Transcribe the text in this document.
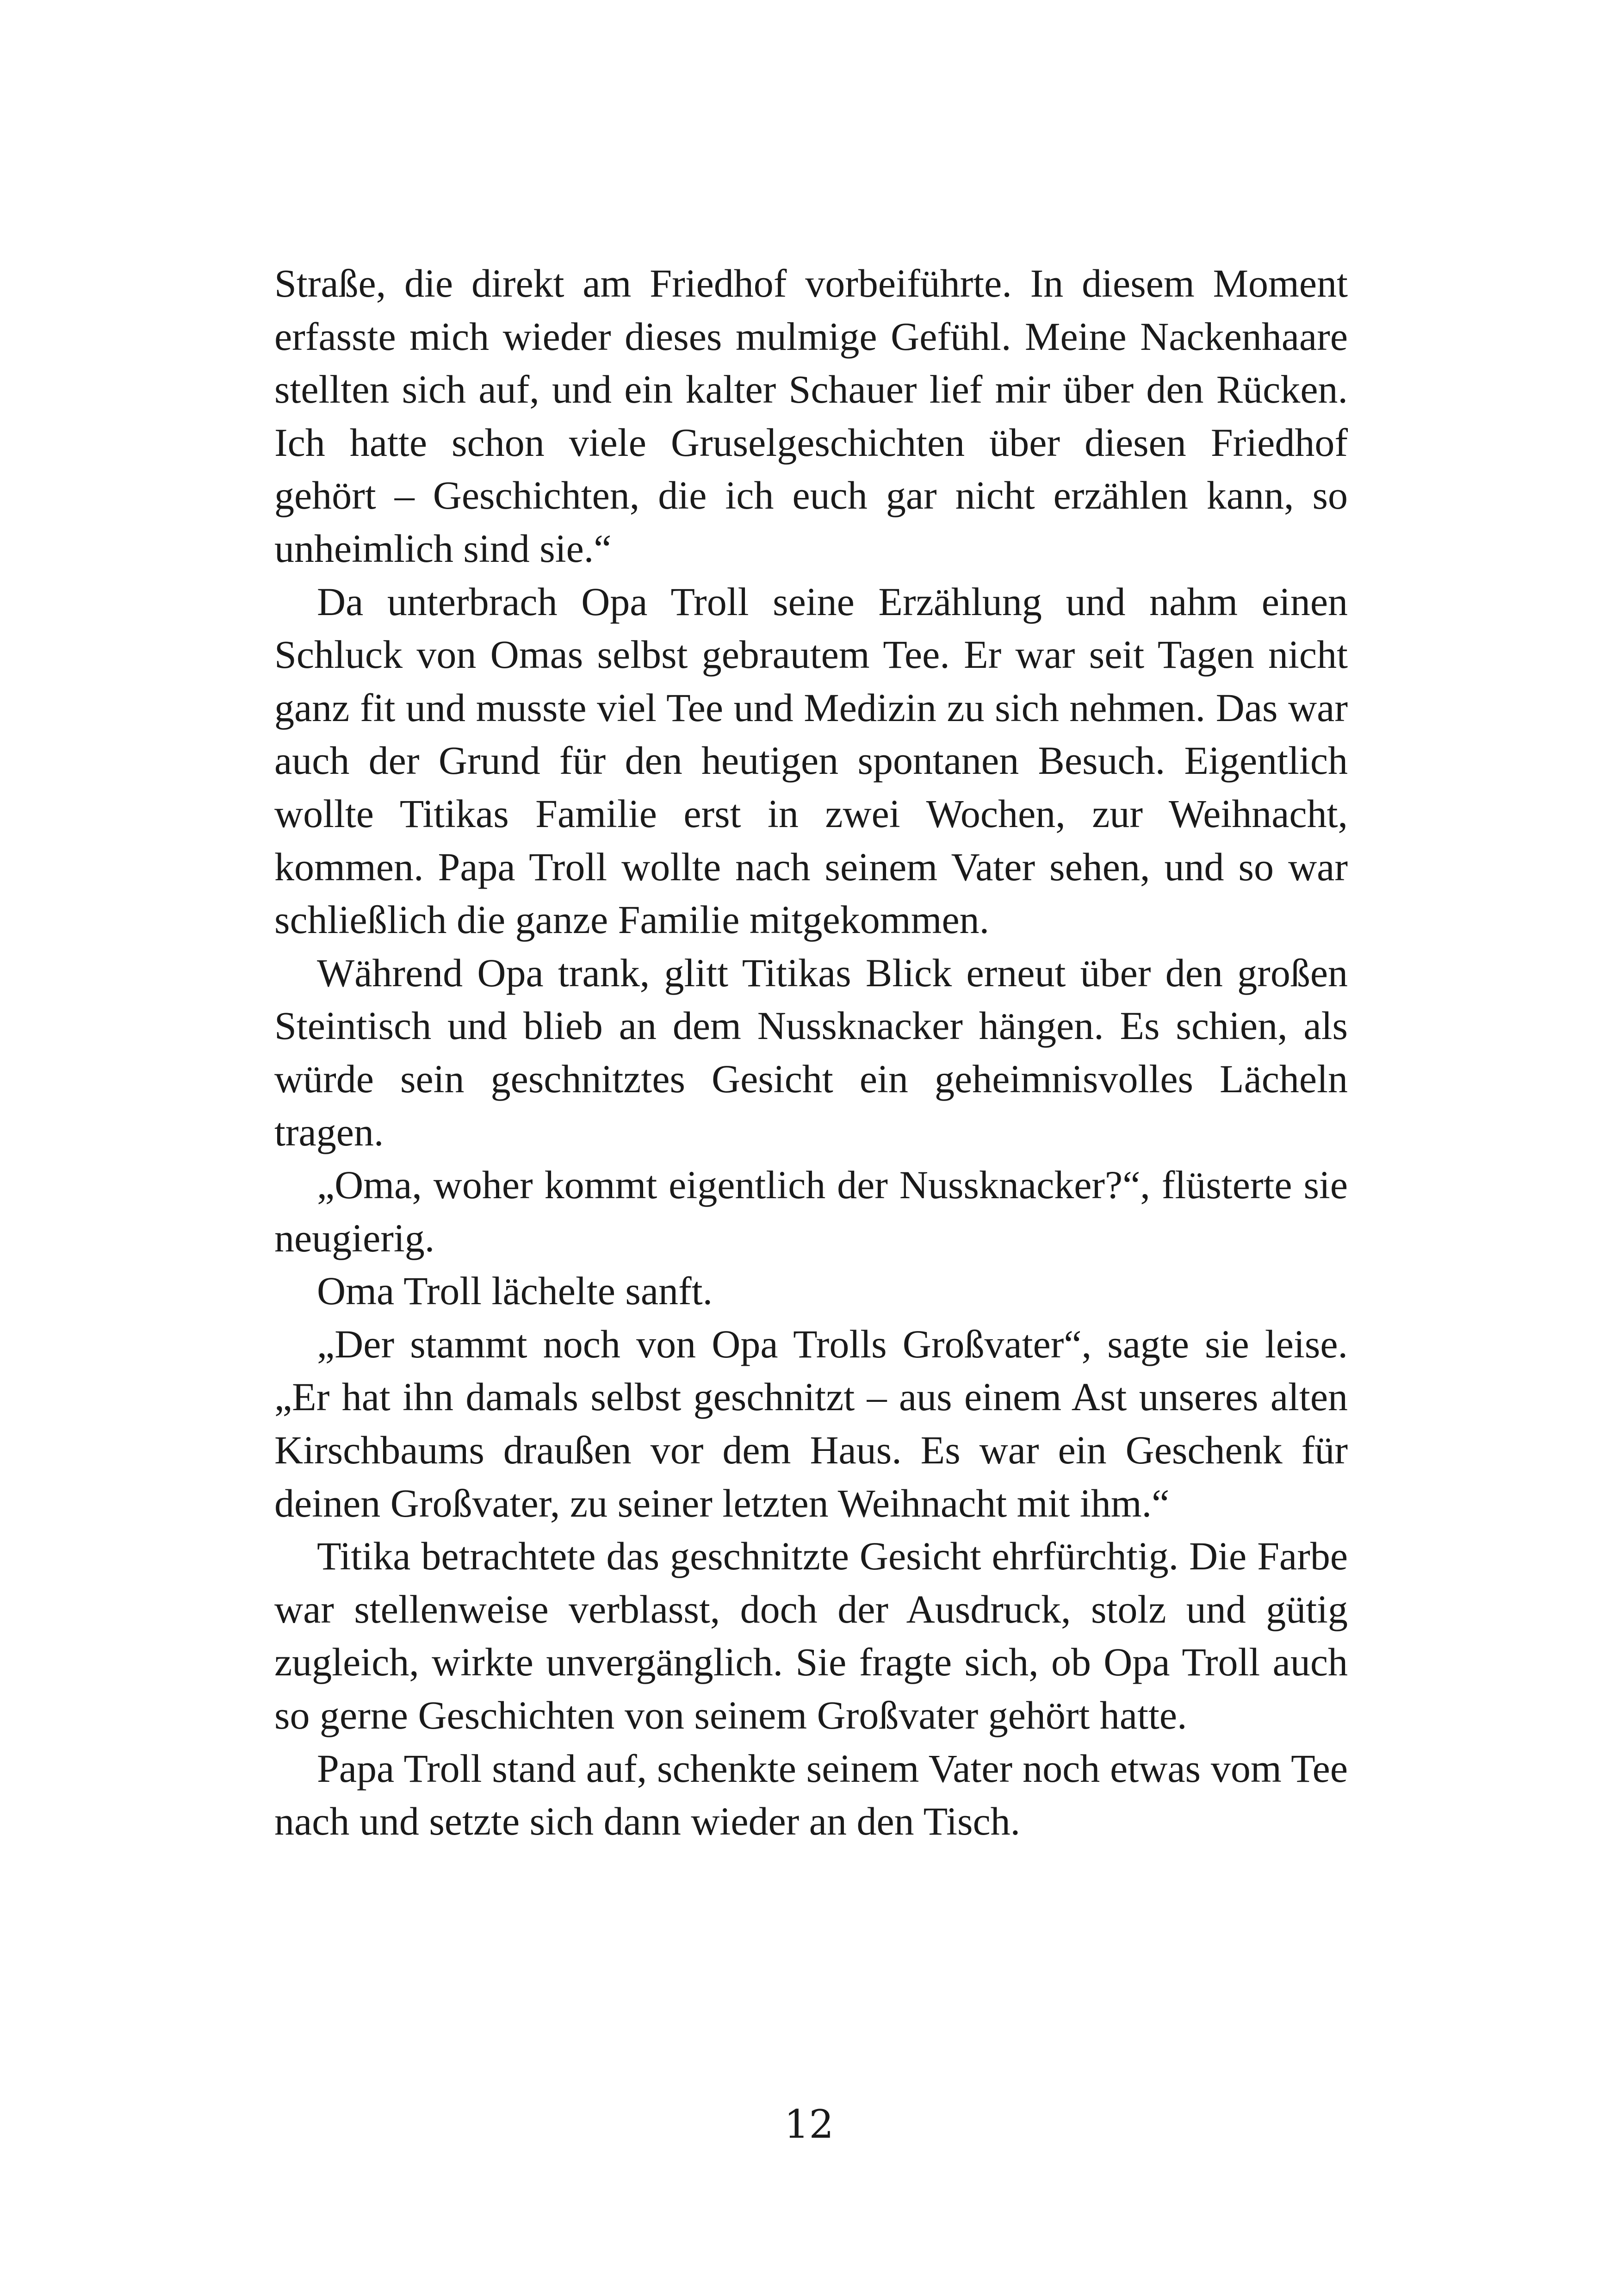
Straße, die direkt am Friedhof vorbeiführte. In diesem Moment erfasste mich wieder dieses mulmige Gefühl. Meine Nackenhaare stellten sich auf, und ein kalter Schauer lief mir über den Rücken. Ich hatte schon viele Gruselgeschichten über diesen Friedhof gehört – Geschichten, die ich euch gar nicht erzählen kann, so unheimlich sind sie.“

Da unterbrach Opa Troll seine Erzählung und nahm einen Schluck von Omas selbst gebrautem Tee. Er war seit Tagen nicht ganz fit und musste viel Tee und Medizin zu sich nehmen. Das war auch der Grund für den heutigen spontanen Besuch. Eigentlich wollte Titikas Familie erst in zwei Wochen, zur Weihnacht, kommen. Papa Troll wollte nach seinem Vater sehen, und so war schließlich die ganze Familie mitgekommen.

Während Opa trank, glitt Titikas Blick erneut über den großen Steintisch und blieb an dem Nussknacker hängen. Es schien, als würde sein geschnitztes Gesicht ein geheimnisvolles Lächeln tragen.

„Oma, woher kommt eigentlich der Nussknacker?“, flüsterte sie neugierig.

Oma Troll lächelte sanft.

„Der stammt noch von Opa Trolls Großvater“, sagte sie leise. „Er hat ihn damals selbst geschnitzt – aus einem Ast unseres alten Kirschbaums draußen vor dem Haus. Es war ein Geschenk für deinen Großvater, zu seiner letzten Weihnacht mit ihm.“

Titika betrachtete das geschnitzte Gesicht ehrfürchtig. Die Farbe war stellenweise verblasst, doch der Ausdruck, stolz und gütig zugleich, wirkte unvergänglich. Sie fragte sich, ob Opa Troll auch so gerne Geschichten von seinem Großvater gehört hatte.

Papa Troll stand auf, schenkte seinem Vater noch etwas vom Tee nach und setzte sich dann wieder an den Tisch.

12
